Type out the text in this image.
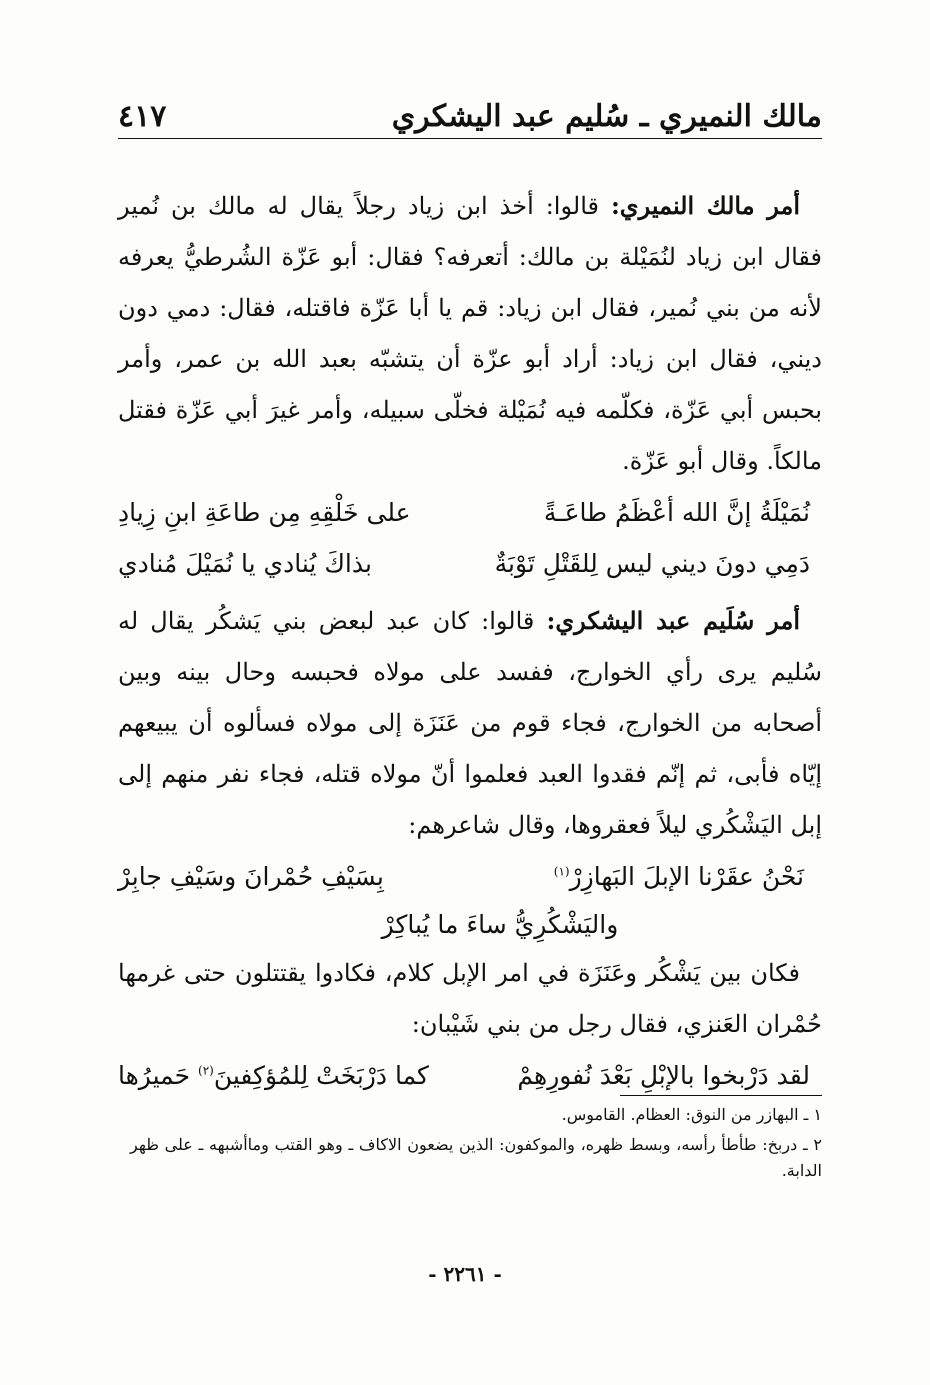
مالك النميري ـ سُليم عبد اليشكري
٤١٧

أمر مالك النميري: قالوا: أخذ ابن زياد رجلاً يقال له مالك بن نُمير فقال ابن زياد لنُمَيْلة بن مالك: أتعرفه؟ فقال: أبو عَزّة الشُرطيُّ يعرفه لأنه من بني نُمير، فقال ابن زياد: قم يا أبا عَزّة فاقتله، فقال: دمي دون ديني، فقال ابن زياد: أراد أبو عزّة أن يتشبّه بعبد الله بن عمر، وأمر بحبس أبي عَزّة، فكلّمه فيه نُمَيْلة فخلّى سبيله، وأمر غيرَ أبي عَزّة فقتل مالكاً. وقال أبو عَزّة.

نُمَيْلَةُ إنَّ الله أعْظَمُ طاعَـةً
على خَلْقِهِ مِن طاعَةِ ابنِ زِيادِ
دَمِي دونَ ديني ليس لِلقَتْلِ تَوْبَةٌ
بذاكَ يُنادي يا نُمَيْلَ مُنادي

أمر سُلَيم عبد اليشكري: قالوا: كان عبد لبعض بني يَشكُر يقال له سُليم يرى رأي الخوارج، ففسد على مولاه فحبسه وحال بينه وبين أصحابه من الخوارج، فجاء قوم من عَنَزَة إلى مولاه فسألوه أن يبيعهم إيّاه فأبى، ثم إنّم فقدوا العبد فعلموا أنّ مولاه قتله، فجاء نفر منهم إلى إبل اليَشْكُري ليلاً فعقروها، وقال شاعرهم:

نَحْنُ عقَرْنا الإبلَ البَهازِرْ$^{(١)}$
بِسَيْفِ حُمْرانَ وسَيْفِ جابِرْ
واليَشْكُرِيُّ ساءَ ما يُباكِرْ

فكان بين يَشْكُر وعَنَزَة في امر الإبل كلام، فكادوا يقتتلون حتى غرمها حُمْران العَنزي، فقال رجل من بني شَيْبان:

لقد دَرْبخوا بالإبْلِ بَعْدَ نُفورِهِمْ
كما دَرْبَخَتْ لِلمُؤكِفينَ$^{(٢)}$ حَميرُها

١ ـ البهازر من النوق: العظام. القاموس.

٢ ـ دربخ: طأطأ رأسه، وبسط ظهره، والموكفون: الذين يضعون الاكاف ـ وهو القتب وماأشبهه ـ على ظهر الدابة.

- ٢٢٦١ -
